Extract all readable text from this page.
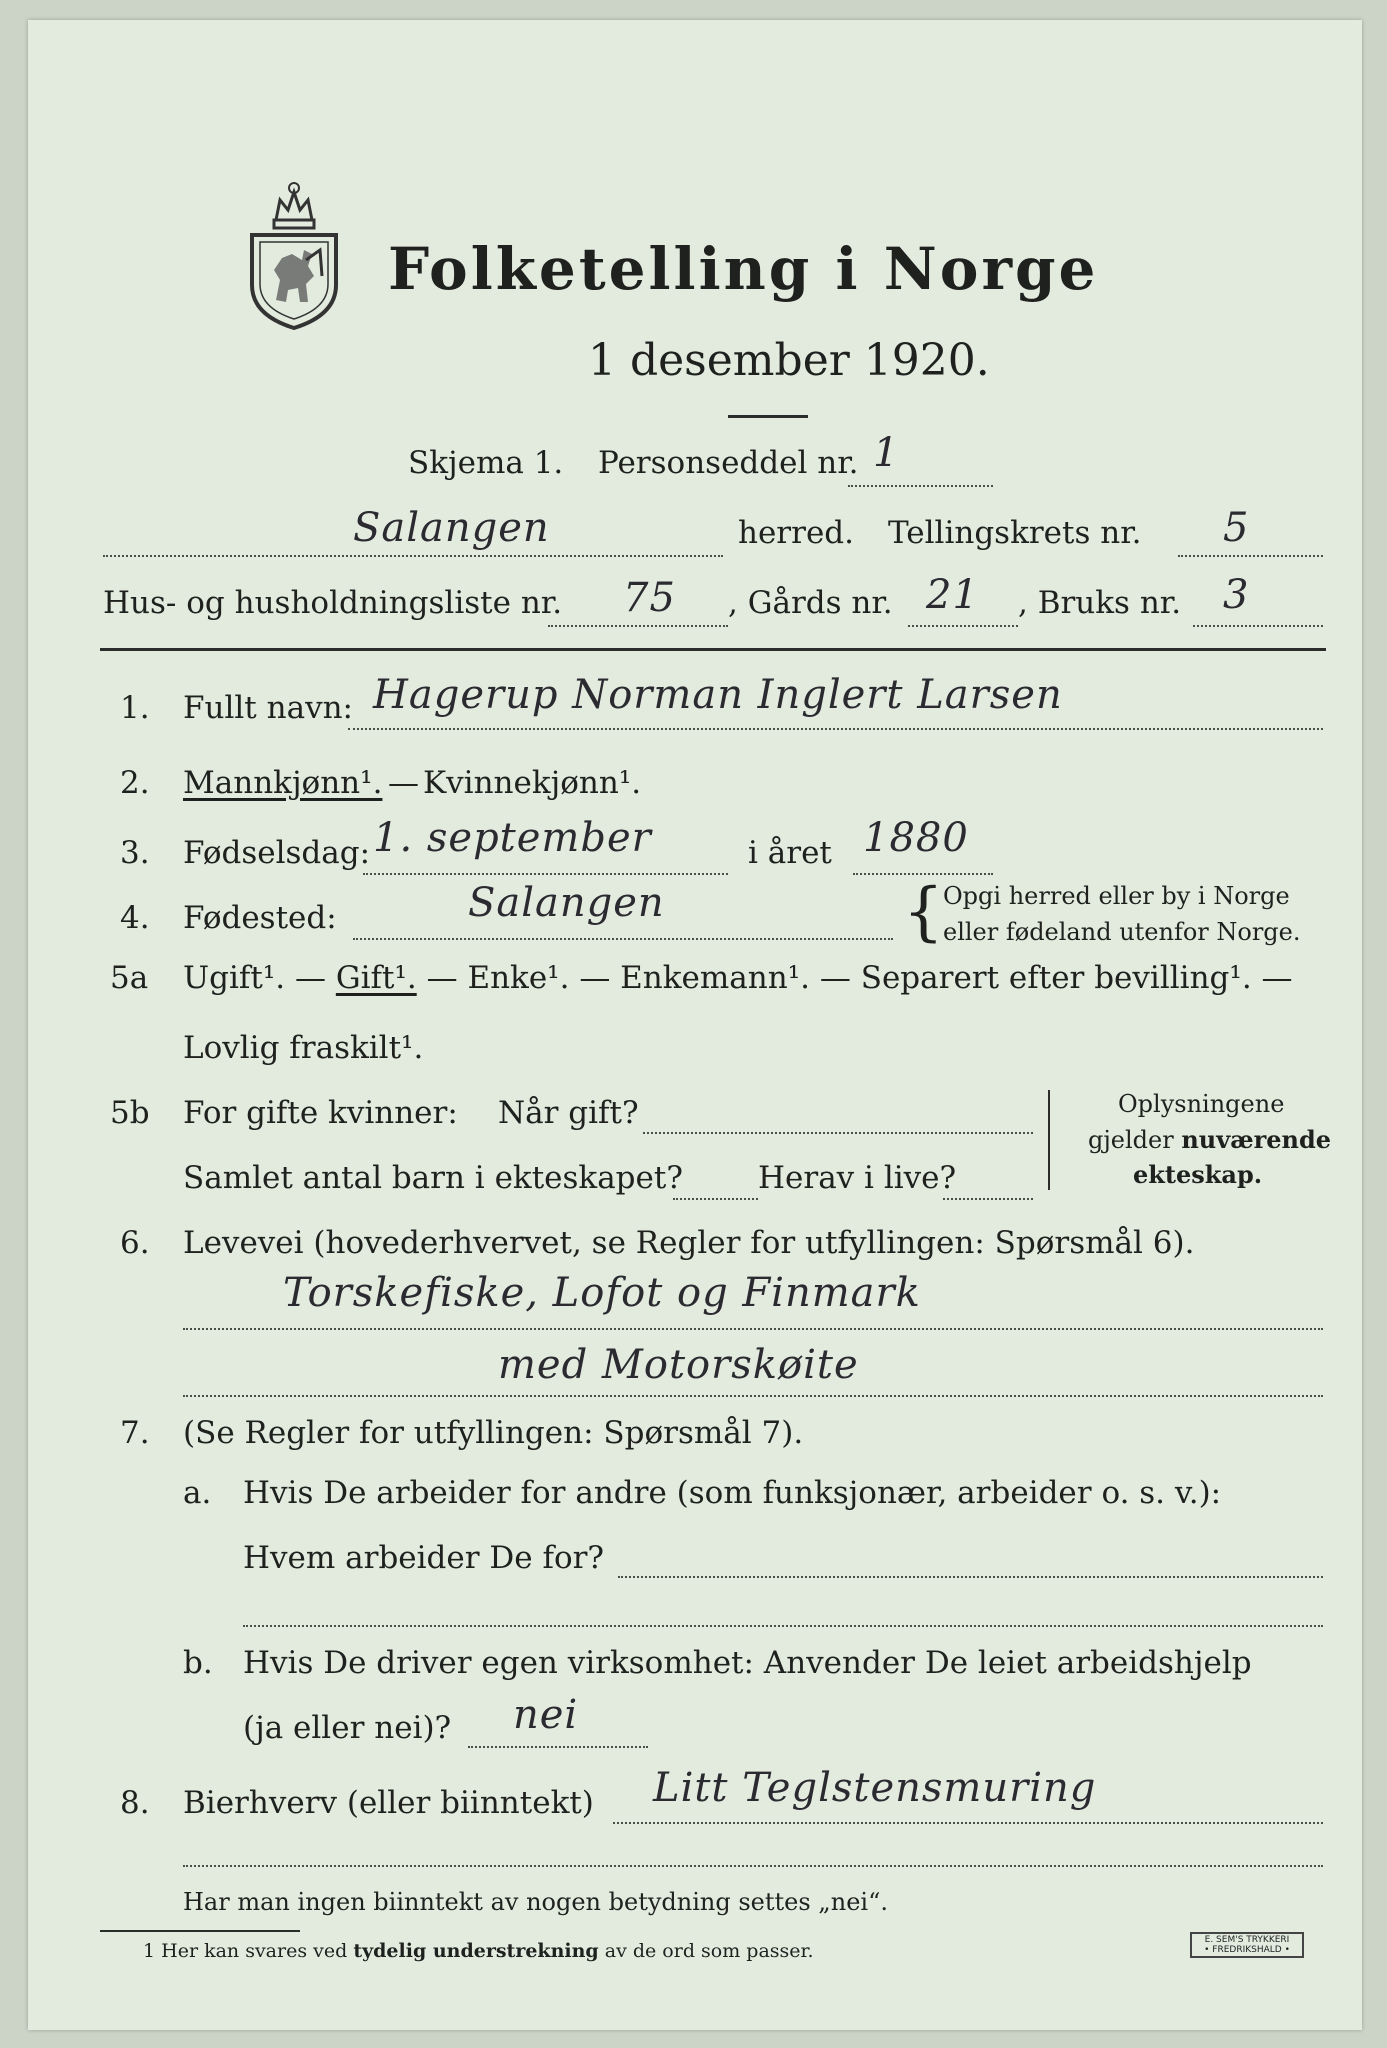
Folketelling i Norge
1 desember 1920.
Skjema 1. Personseddel nr. 1
Salangen	herred. Tellingskrets nr. 5
Hus- og husholdningsliste nr. 75 , Gårds nr. 21 , Bruks nr. 3
1. Fullt navn: Hagerup Norman Inglert Larsen
2. Mannkjønn¹. — Kvinnekjønn¹.
3. Fødselsdag: 1. september	i året 1880
4. Fødested:	Salangen	{ Opgi herred eller by i Norge
eller fødeland utenfor Norge.
5a Ugift¹. — Gift¹. — Enke¹. — Enkemann¹. — Separert efter bevilling¹. —
Lovlig fraskilt¹.
5b For gifte kvinner: Når gift?
Samlet antal barn i ekteskapet? Herav i live?
Oplysningene
gjelder nuværende
ekteskap.
6. Levevei (hovederhvervet, se Regler for utfyllingen: Spørsmål 6).
Torskefiske, Lofot og Finmark
med Motorskøite
7. (Se Regler for utfyllingen: Spørsmål 7).
a. Hvis De arbeider for andre (som funksjonær, arbeider o. s. v.):
Hvem arbeider De for?
b. Hvis De driver egen virksomhet: Anvender De leiet arbeidshjelp
(ja eller nei)? nei
8. Bierhverv (eller biinntekt) Litt Teglstensmuring
Har man ingen biinntekt av nogen betydning settes „nei“.
1 Her kan svares ved tydelig understrekning av de ord som passer.	E. SEM'S TRYKKERI
• FREDRIKSHALD •
